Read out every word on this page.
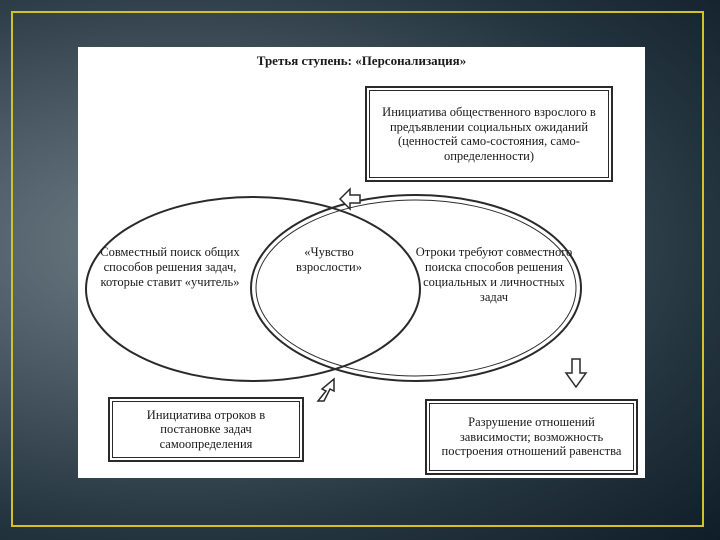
Третья ступень: «Персонализация»
Инициатива общественного взрослого в предъявлении социальных ожиданий (ценностей само-состояния, само-определенности)
Совместный поиск общих способов решения задач, которые ставит «учитель»
«Чувство взрослости»
Отроки требуют совместного поиска способов решения социальных и личностных задач
Инициатива отроков в постановке задач самоопределения
Разрушение отношений зависимости; возможность построения отношений равенства
